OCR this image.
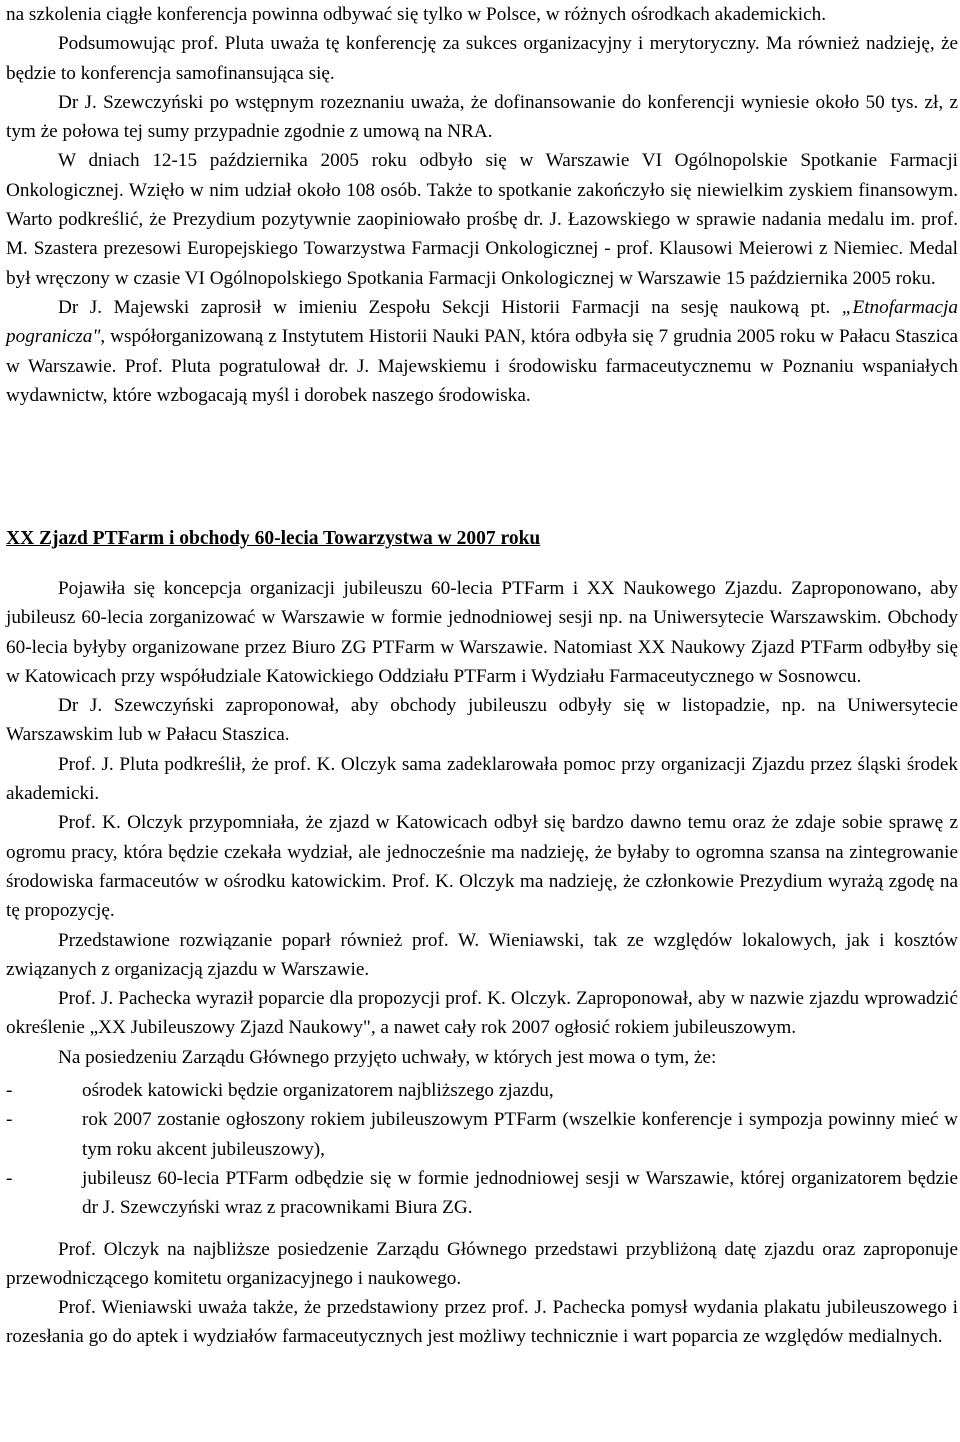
na szkolenia ciągłe konferencja powinna odbywać się tylko w Polsce, w różnych ośrodkach akademickich.

Podsumowując prof. Pluta uważa tę konferencję za sukces organizacyjny i merytoryczny. Ma również nadzieję, że będzie to konferencja samofinansująca się.

Dr J. Szewczyński po wstępnym rozeznaniu uważa, że dofinansowanie do konferencji wyniesie około 50 tys. zł, z tym że połowa tej sumy przypadnie zgodnie z umową na NRA.

W dniach 12-15 października 2005 roku odbyło się w Warszawie VI Ogólnopolskie Spotkanie Farmacji Onkologicznej. Wzięło w nim udział około 108 osób. Także to spotkanie zakończyło się niewielkim zyskiem finansowym. Warto podkreślić, że Prezydium pozytywnie zaopiniowało prośbę dr. J. Łazowskiego w sprawie nadania medalu im. prof. M. Szastera prezesowi Europejskiego Towarzystwa Farmacji Onkologicznej - prof. Klausowi Meierowi z Niemiec. Medal był wręczony w czasie VI Ogólnopolskiego Spotkania Farmacji Onkologicznej w Warszawie 15 października 2005 roku.

Dr J. Majewski zaprosił w imieniu Zespołu Sekcji Historii Farmacji na sesję naukową pt. „Etnofarmacja pogranicza", współorganizowaną z Instytutem Historii Nauki PAN, która odbyła się 7 grudnia 2005 roku w Pałacu Staszica w Warszawie. Prof. Pluta pogratulował dr. J. Majewskiemu i środowisku farmaceutycznemu w Poznaniu wspaniałych wydawnictw, które wzbogacają myśl i dorobek naszego środowiska.

XX Zjazd PTFarm i obchody 60-lecia Towarzystwa w 2007 roku

Pojawiła się koncepcja organizacji jubileuszu 60-lecia PTFarm i XX Naukowego Zjazdu. Zaproponowano, aby jubileusz 60-lecia zorganizować w Warszawie w formie jednodniowej sesji np. na Uniwersytecie Warszawskim. Obchody 60-lecia byłyby organizowane przez Biuro ZG PTFarm w Warszawie. Natomiast XX Naukowy Zjazd PTFarm odbyłby się w Katowicach przy współudziale Katowickiego Oddziału PTFarm i Wydziału Farmaceutycznego w Sosnowcu.

Dr J. Szewczyński zaproponował, aby obchody jubileuszu odbyły się w listopadzie, np. na Uniwersytecie Warszawskim lub w Pałacu Staszica.

Prof. J. Pluta podkreślił, że prof. K. Olczyk sama zadeklarowała pomoc przy organizacji Zjazdu przez śląski środek akademicki.

Prof. K. Olczyk przypomniała, że zjazd w Katowicach odbył się bardzo dawno temu oraz że zdaje sobie sprawę z ogromu pracy, która będzie czekała wydział, ale jednocześnie ma nadzieję, że byłaby to ogromna szansa na zintegrowanie środowiska farmaceutów w ośrodku katowickim. Prof. K. Olczyk ma nadzieję, że członkowie Prezydium wyrażą zgodę na tę propozycję.

Przedstawione rozwiązanie poparł również prof. W. Wieniawski, tak ze względów lokalowych, jak i kosztów związanych z organizacją zjazdu w Warszawie.

Prof. J. Pachecka wyraził poparcie dla propozycji prof. K. Olczyk. Zaproponował, aby w nazwie zjazdu wprowadzić określenie „XX Jubileuszowy Zjazd Naukowy", a nawet cały rok 2007 ogłosić rokiem jubileuszowym.

Na posiedzeniu Zarządu Głównego przyjęto uchwały, w których jest mowa o tym, że:

-	ośrodek katowicki będzie organizatorem najbliższego zjazdu,
-	rok 2007 zostanie ogłoszony rokiem jubileuszowym PTFarm (wszelkie konferencje i sympozja powinny mieć w tym roku akcent jubileuszowy),
-	jubileusz 60-lecia PTFarm odbędzie się w formie jednodniowej sesji w Warszawie, której organizatorem będzie dr J. Szewczyński wraz z pracownikami Biura ZG.

Prof. Olczyk na najbliższe posiedzenie Zarządu Głównego przedstawi przybliżoną datę zjazdu oraz zaproponuje przewodniczącego komitetu organizacyjnego i naukowego.

Prof. Wieniawski uważa także, że przedstawiony przez prof. J. Pachecka pomysł wydania plakatu jubileuszowego i rozesłania go do aptek i wydziałów farmaceutycznych jest możliwy technicznie i wart poparcia ze względów medialnych.
